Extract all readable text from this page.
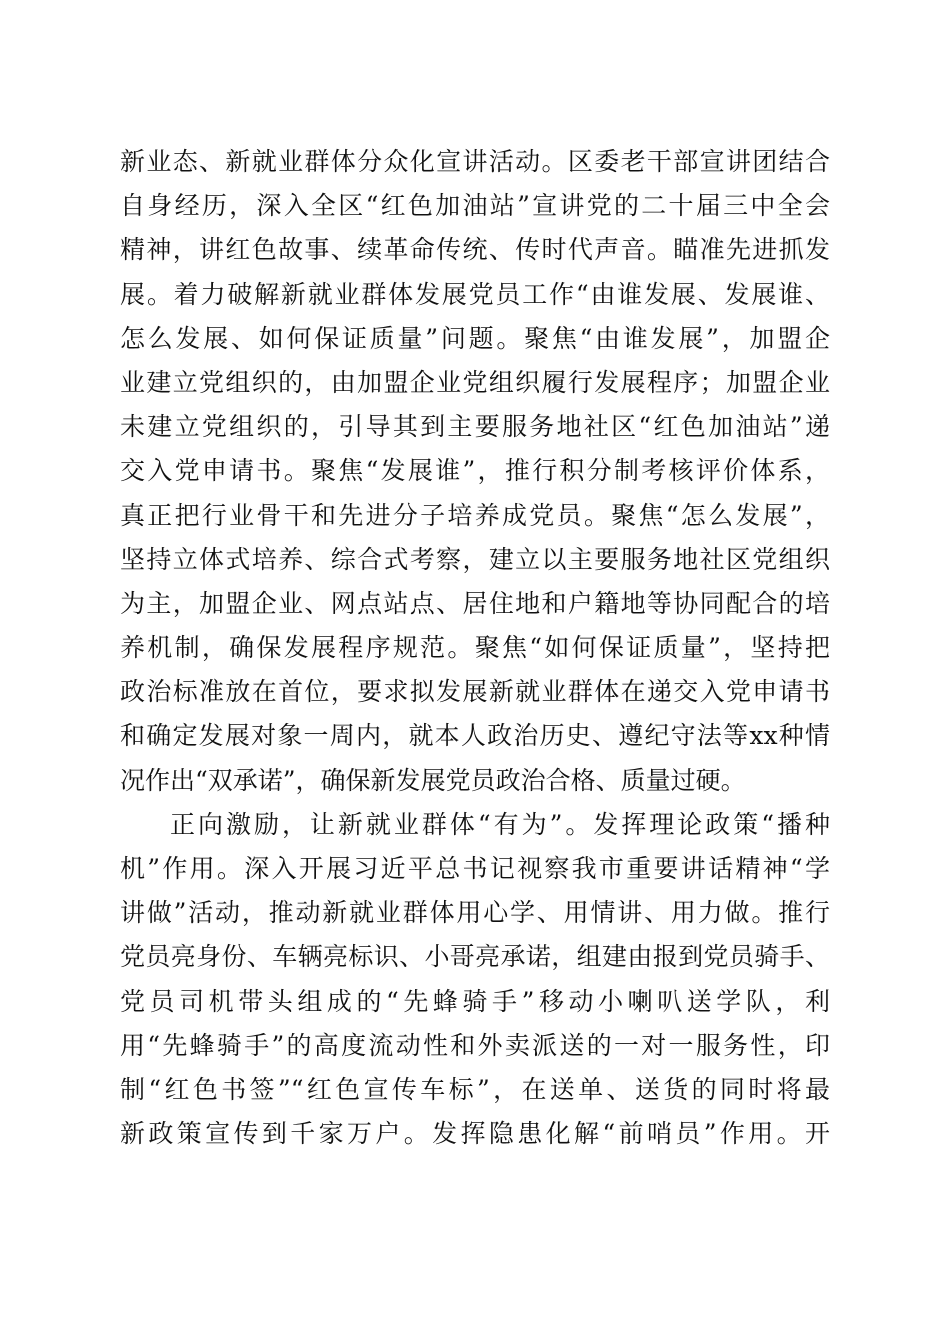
新业态、新就业群体分众化宣讲活动。区委老干部宣讲团结合
自身经历，深入全区“红色加油站”宣讲党的二十届三中全会
精神，讲红色故事、续革命传统、传时代声音。瞄准先进抓发
展。着力破解新就业群体发展党员工作“由谁发展、发展谁、
怎么发展、如何保证质量”问题。聚焦“由谁发展”，加盟企
业建立党组织的，由加盟企业党组织履行发展程序；加盟企业
未建立党组织的，引导其到主要服务地社区“红色加油站”递
交入党申请书。聚焦“发展谁”，推行积分制考核评价体系，
真正把行业骨干和先进分子培养成党员。聚焦“怎么发展”，
坚持立体式培养、综合式考察，建立以主要服务地社区党组织
为主，加盟企业、网点站点、居住地和户籍地等协同配合的培
养机制，确保发展程序规范。聚焦“如何保证质量”，坚持把
政治标准放在首位，要求拟发展新就业群体在递交入党申请书
和确定发展对象一周内，就本人政治历史、遵纪守法等xx种情
况作出“双承诺”，确保新发展党员政治合格、质量过硬。
正向激励，让新就业群体“有为”。发挥理论政策“播种
机”作用。深入开展习近平总书记视察我市重要讲话精神“学
讲做”活动，推动新就业群体用心学、用情讲、用力做。推行
党员亮身份、车辆亮标识、小哥亮承诺，组建由报到党员骑手、
党员司机带头组成的“先蜂骑手”移动小喇叭送学队，利
用“先蜂骑手”的高度流动性和外卖派送的一对一服务性，印
制“红色书签”“红色宣传车标”，在送单、送货的同时将最
新政策宣传到千家万户。发挥隐患化解“前哨员”作用。开
